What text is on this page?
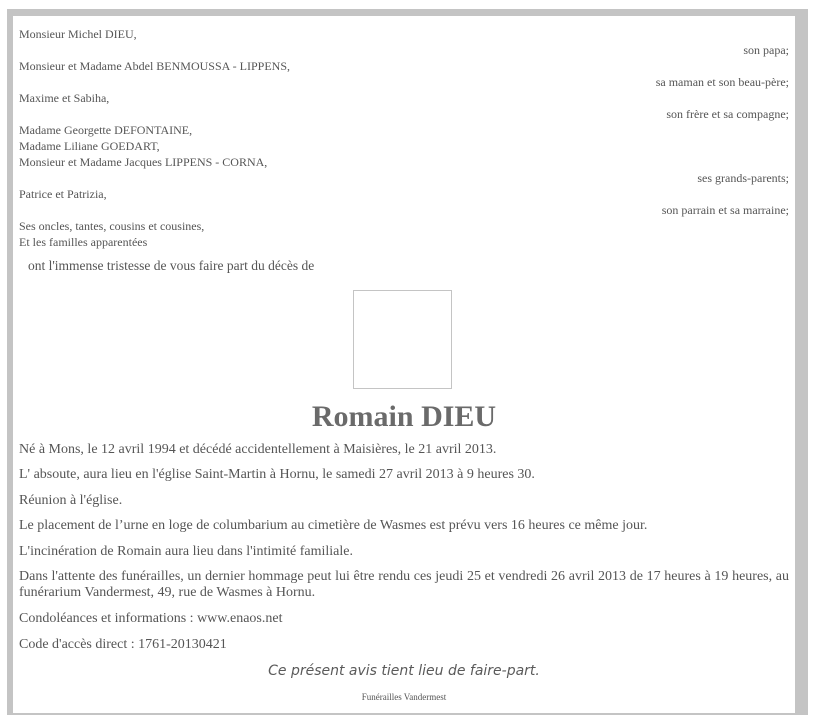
Monsieur Michel DIEU,
son papa;
Monsieur et Madame Abdel BENMOUSSA - LIPPENS,
sa maman et son beau-père;
Maxime et Sabiha,
son frère et sa compagne;
Madame Georgette DEFONTAINE,
Madame Liliane GOEDART,
Monsieur et Madame Jacques LIPPENS - CORNA,
ses grands-parents;
Patrice et Patrizia,
son parrain et sa marraine;
Ses oncles, tantes, cousins et cousines,
Et les familles apparentées
ont l'immense tristesse de vous faire part du décès de
Romain DIEU

Né à Mons, le 12 avril 1994 et décédé accidentellement à Maisières, le 21 avril 2013.

L' absoute, aura lieu en l'église Saint-Martin à Hornu, le samedi 27 avril 2013 à 9 heures 30.

Réunion à l'église.

Le placement de l’urne en loge de columbarium au cimetière de Wasmes est prévu vers 16 heures ce même jour.

L'incinération de Romain aura lieu dans l'intimité familiale.

Dans l'attente des funérailles, un dernier hommage peut lui être rendu ces jeudi 25 et vendredi 26 avril 2013 de 17 heures à 19 heures, au funérarium Vandermest, 49, rue de Wasmes à Hornu.

Condoléances et informations : www.enaos.net

Code d'accès direct : 1761-20130421

Ce présent avis tient lieu de faire-part.
Funérailles Vandermest
